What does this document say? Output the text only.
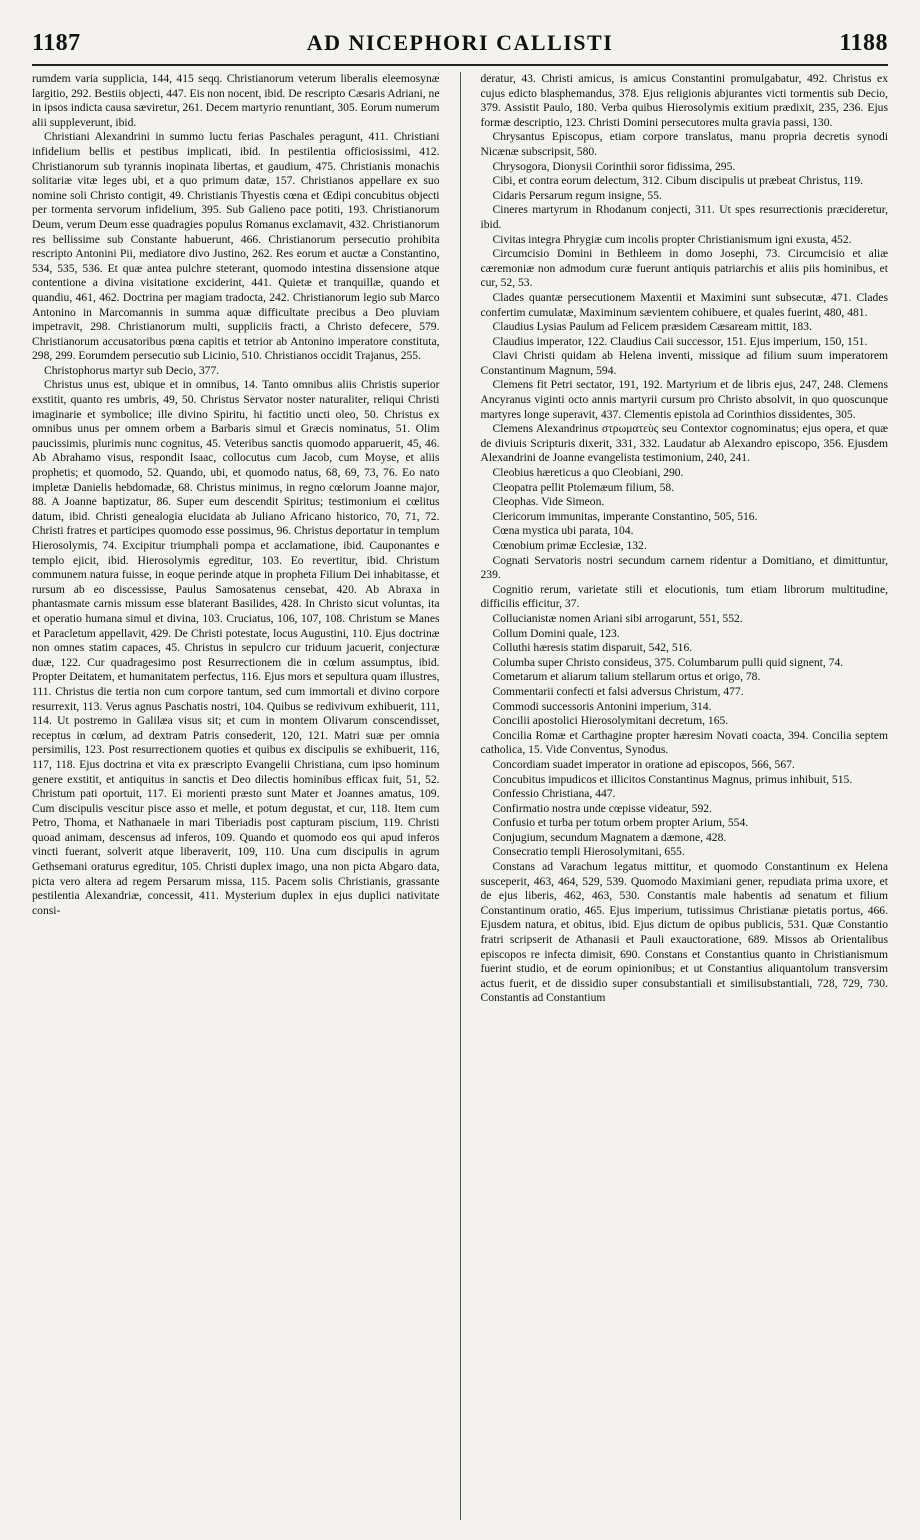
1187	AD NICEPHORI CALLISTI	1188

rumdem varia supplicia, 144, 415 seqq. Christianorum veterum liberalis eleemosynæ largitio, 292. Bestiis objecti, 447. Eis non nocent, ibid. De rescripto Cæsaris Adriani, ne in ipsos indicta causa sæviretur, 261. Decem martyrio renuntiant, 305. Eorum numerum alii suppleverunt, ibid.

Christiani Alexandrini in summo luctu ferias Paschales peragunt, 411. Christiani infidelium bellis et pestibus implicati, ibid. In pestilentia officiosissimi, 412. Christianorum sub tyrannis inopinata libertas, et gaudium, 475. Christianis monachis solitariæ vitæ leges ubi, et a quo primum datæ, 157. Christianos appellare ex suo nomine soli Christo contigit, 49. Christianis Thyestis cœna et Œdipi concubitus objecti per tormenta servorum infidelium, 395. Sub Galieno pace potiti, 193. Christianorum Deum, verum Deum esse quadragies populus Romanus exclamavit, 432. Christianorum res bellissime sub Constante habuerunt, 466. Christianorum persecutio prohibita rescripto Antonini Pii, mediatore divo Justino, 262. Res eorum et auctæ a Constantino, 534, 535, 536. Et quæ antea pulchre steterant, quomodo intestina dissensione atque contentione a divina visitatione exciderint, 441. Quietæ et tranquillæ, quando et quandiu, 461, 462. Doctrina per magiam tradocta, 242. Christianorum legio sub Marco Antonino in Marcomannis in summa aquæ difficultate precibus a Deo pluviam impetravit, 298. Christianorum multi, suppliciis fracti, a Christo defecere, 579. Christianorum accusatoribus pœna capitis et tetrior ab Antonino imperatore constituta, 298, 299. Eorumdem persecutio sub Licinio, 510. Christianos occidit Trajanus, 255.

Christophorus martyr sub Decio, 377.

Christus unus est, ubique et in omnibus, 14. Tanto omnibus aliis Christis superior exstitit, quanto res umbris, 49, 50. Christus Servator noster naturaliter, reliqui Christi imaginarie et symbolice; ille divino Spiritu, hi factitio uncti oleo, 50. Christus ex omnibus unus per omnem orbem a Barbaris simul et Græcis nominatus, 51. Olim paucissimis, plurimis nunc cognitus, 45. Veteribus sanctis quomodo apparuerit, 45, 46. Ab Abrahamo visus, respondit Isaac, collocutus cum Jacob, cum Moyse, et aliis prophetis; et quomodo, 52. Quando, ubi, et quomodo natus, 68, 69, 73, 76. Eo nato impletæ Danielis hebdomadæ, 68. Christus minimus, in regno cœlorum Joanne major, 88. A Joanne baptizatur, 86. Super eum descendit Spiritus; testimonium ei cœlitus datum, ibid. Christi genealogia elucidata ab Juliano Africano historico, 70, 71, 72. Christi fratres et participes quomodo esse possimus, 96. Christus deportatur in templum Hierosolymis, 74. Excipitur triumphali pompa et acclamatione, ibid. Cauponantes e templo ejicit, ibid. Hierosolymis egreditur, 103. Eo revertitur, ibid. Christum communem natura fuisse, in eoque perinde atque in propheta Filium Dei inhabitasse, et rursum ab eo discessisse, Paulus Samosatenus censebat, 420. Ab Abraxa in phantasmate carnis missum esse blaterant Basilides, 428. In Christo sicut voluntas, ita et operatio humana simul et divina, 103. Cruciatus, 106, 107, 108. Christum se Manes et Paracletum appellavit, 429. De Christi potestate, locus Augustini, 110. Ejus doctrinæ non omnes statim capaces, 45. Christus in sepulcro cur triduum jacuerit, conjecturæ duæ, 122. Cur quadragesimo post Resurrectionem die in cœlum assumptus, ibid. Propter Deitatem, et humanitatem perfectus, 116. Ejus mors et sepultura quam illustres, 111. Christus die tertia non cum corpore tantum, sed cum immortali et divino corpore resurrexit, 113. Verus agnus Paschatis nostri, 104. Quibus se redivivum exhibuerit, 111, 114. Ut postremo in Galilæa visus sit; et cum in montem Olivarum conscendisset, receptus in cœlum, ad dextram Patris consederit, 120, 121. Matri suæ per omnia persimilis, 123. Post resurrectionem quoties et quibus ex discipulis se exhibuerit, 116, 117, 118. Ejus doctrina et vita ex præscripto Evangelii Christiana, cum ipso hominum genere exstitit, et antiquitus in sanctis et Deo dilectis hominibus efficax fuit, 51, 52. Christum pati oportuit, 117. Ei morienti præsto sunt Mater et Joannes amatus, 109. Cum discipulis vescitur pisce asso et melle, et potum degustat, et cur, 118. Item cum Petro, Thoma, et Nathanaele in mari Tiberiadis post capturam piscium, 119. Christi quoad animam, descensus ad inferos, 109. Quando et quomodo eos qui apud inferos vincti fuerant, solverit atque liberaverit, 109, 110. Una cum discipulis in agrum Gethsemani oraturus egreditur, 105. Christi duplex imago, una non picta Abgaro data, picta vero altera ad regem Persarum missa, 115. Pacem solis Christianis, grassante pestilentia Alexandriæ, concessit, 411. Mysterium duplex in ejus duplici nativitate consi-

deratur, 43. Christi amicus, is amicus Constantini promulgabatur, 492. Christus ex cujus edicto blasphemandus, 378. Ejus religionis abjurantes victi tormentis sub Decio, 379. Assistit Paulo, 180. Verba quibus Hierosolymis exitium prædixit, 235, 236. Ejus formæ descriptio, 123. Christi Domini persecutores multa gravia passi, 130.

Chrysantus Episcopus, etiam corpore translatus, manu propria decretis synodi Nicænæ subscripsit, 580.

Chrysogora, Dionysii Corinthii soror fidissima, 295.

Cibi, et contra eorum delectum, 312. Cibum discipulis ut præbeat Christus, 119.

Cidaris Persarum regum insigne, 55.

Cineres martyrum in Rhodanum conjecti, 311. Ut spes resurrectionis præcideretur, ibid.

Civitas integra Phrygiæ cum incolis propter Christianismum igni exusta, 452.

Circumcisio Domini in Bethleem in domo Josephi, 73. Circumcisio et aliæ cæremoniæ non admodum curæ fuerunt antiquis patriarchis et aliis piis hominibus, et cur, 52, 53.

Clades quantæ persecutionem Maxentii et Maximini sunt subsecutæ, 471. Clades confertim cumulatæ, Maximinum sævientem cohibuere, et quales fuerint, 480, 481.

Claudius Lysias Paulum ad Felicem præsidem Cæsaream mittit, 183.

Claudius imperator, 122. Claudius Caii successor, 151. Ejus imperium, 150, 151.

Clavi Christi quidam ab Helena inventi, missique ad filium suum imperatorem Constantinum Magnum, 594.

Clemens fit Petri sectator, 191, 192. Martyrium et de libris ejus, 247, 248. Clemens Ancyranus viginti octo annis martyrii cursum pro Christo absolvit, in quo quoscunque martyres longe superavit, 437. Clementis epistola ad Corinthios dissidentes, 305.

Clemens Alexandrinus στρωματεὺς seu Contextor cognominatus; ejus opera, et quæ de diviuis Scripturis dixerit, 331, 332. Laudatur ab Alexandro episcopo, 356. Ejusdem Alexandrini de Joanne evangelista testimonium, 240, 241.

Cleobius hæreticus a quo Cleobiani, 290.

Cleopatra pellit Ptolemæum filium, 58.

Cleophas. Vide Simeon.

Clericorum immunitas, imperante Constantino, 505, 516.

Cœna mystica ubi parata, 104.

Cœnobium primæ Ecclesiæ, 132.

Cognati Servatoris nostri secundum carnem ridentur a Domitiano, et dimittuntur, 239.

Cognitio rerum, varietate stili et elocutionis, tum etiam librorum multitudine, difficilis efficitur, 37.

Collucianistæ nomen Ariani sibi arrogarunt, 551, 552.

Collum Domini quale, 123.

Colluthi hæresis statim disparuit, 542, 516.

Columba super Christo consideus, 375. Columbarum pulli quid signent, 74.

Cometarum et aliarum talium stellarum ortus et origo, 78.

Commentarii confecti et falsi adversus Christum, 477.

Commodi successoris Antonini imperium, 314.

Concilii apostolici Hierosolymitani decretum, 165.

Concilia Romæ et Carthagine propter hæresim Novati coacta, 394. Concilia septem catholica, 15. Vide Conventus, Synodus.

Concordiam suadet imperator in oratione ad episcopos, 566, 567.

Concubitus impudicos et illicitos Constantinus Magnus, primus inhibuit, 515.

Confessio Christiana, 447.

Confirmatio nostra unde cœpisse videatur, 592.

Confusio et turba per totum orbem propter Arium, 554.

Conjugium, secundum Magnatem a dæmone, 428.

Consecratio templi Hierosolymitani, 655.

Constans ad Varachum legatus mittitur, et quomodo Constantinum ex Helena susceperit, 463, 464, 529, 539. Quomodo Maximiani gener, repudiata prima uxore, et de ejus liberis, 462, 463, 530. Constantis male habentis ad senatum et filium Constantinum oratio, 465. Ejus imperium, tutissimus Christianæ pietatis portus, 466. Ejusdem natura, et obitus, ibid. Ejus dictum de opibus publicis, 531. Quæ Constantio fratri scripserit de Athanasii et Pauli exauctoratione, 689. Missos ab Orientalibus episcopos re infecta dimisit, 690. Constans et Constantius quanto in Christianismum fuerint studio, et de eorum opinionibus; et ut Constantius aliquantolum transversim actus fuerit, et de dissidio super consubstantiali et similisubstantiali, 728, 729, 730. Constantis ad Constantium
